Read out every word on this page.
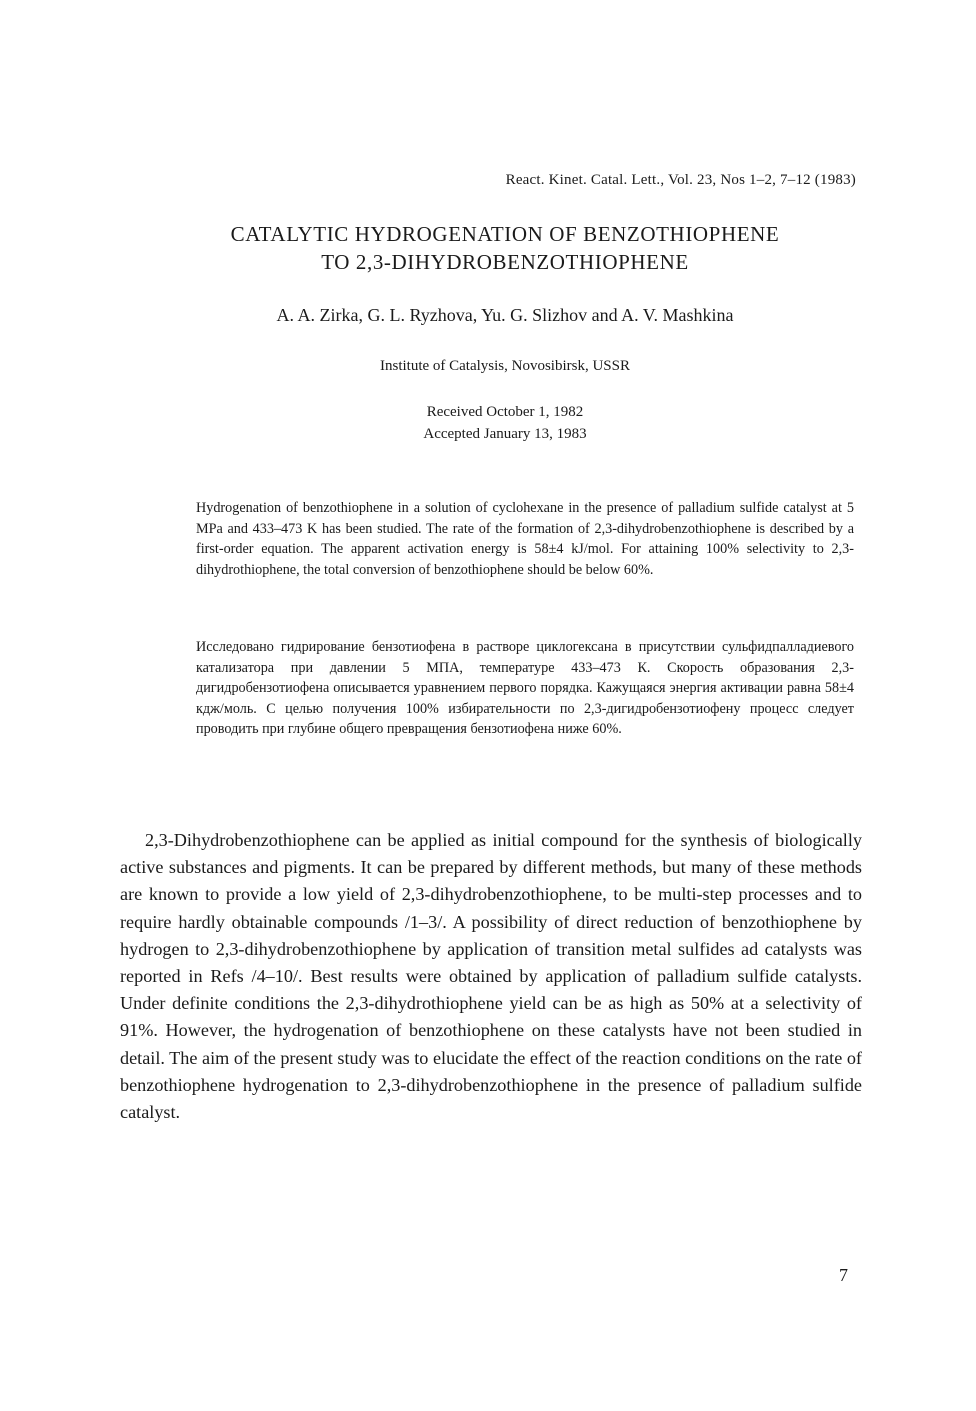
React. Kinet. Catal. Lett., Vol. 23, Nos 1–2, 7–12 (1983)
CATALYTIC HYDROGENATION OF BENZOTHIOPHENE
TO 2,3-DIHYDROBENZOTHIOPHENE
A. A. Zirka, G. L. Ryzhova, Yu. G. Slizhov and A. V. Mashkina
Institute of Catalysis, Novosibirsk, USSR
Received October 1, 1982
Accepted January 13, 1983

Hydrogenation of benzothiophene in a solution of cyclohexane in the presence of palladium sulfide catalyst at 5 MPa and 433–473 K has been studied. The rate of the formation of 2,3-dihydrobenzothiophene is described by a first-order equation. The apparent activation energy is 58±4 kJ/mol. For attaining 100% selectivity to 2,3-dihydrothiophene, the total conversion of benzothiophene should be below 60%.

Исследовано гидрирование бензотиофена в растворе циклогексана в присутствии сульфидпалладиевого катализатора при давлении 5 МПА, температуре 433–473 К. Скорость образования 2,3-дигидробензотиофена описывается уравнением первого порядка. Кажущаяся энергия активации равна 58±4 кдж/моль. С целью получения 100% избирательности по 2,3-дигидробензотиофену процесс следует проводить при глубине общего превращения бензотиофена ниже 60%.

2,3-Dihydrobenzothiophene can be applied as initial compound for the synthesis of biologically active substances and pigments. It can be prepared by different methods, but many of these methods are known to provide a low yield of 2,3-dihydrobenzothiophene, to be multi-step processes and to require hardly obtainable compounds /1–3/. A possibility of direct reduction of benzothiophene by hydrogen to 2,3-dihydrobenzothiophene by application of transition metal sulfides ad catalysts was reported in Refs /4–10/. Best results were obtained by application of palladium sulfide catalysts. Under definite conditions the 2,3-dihydrothiophene yield can be as high as 50% at a selectivity of 91%. However, the hydrogenation of benzothiophene on these catalysts have not been studied in detail. The aim of the present study was to elucidate the effect of the reaction conditions on the rate of benzothiophene hydrogenation to 2,3-dihydrobenzothiophene in the presence of palladium sulfide catalyst.

7
